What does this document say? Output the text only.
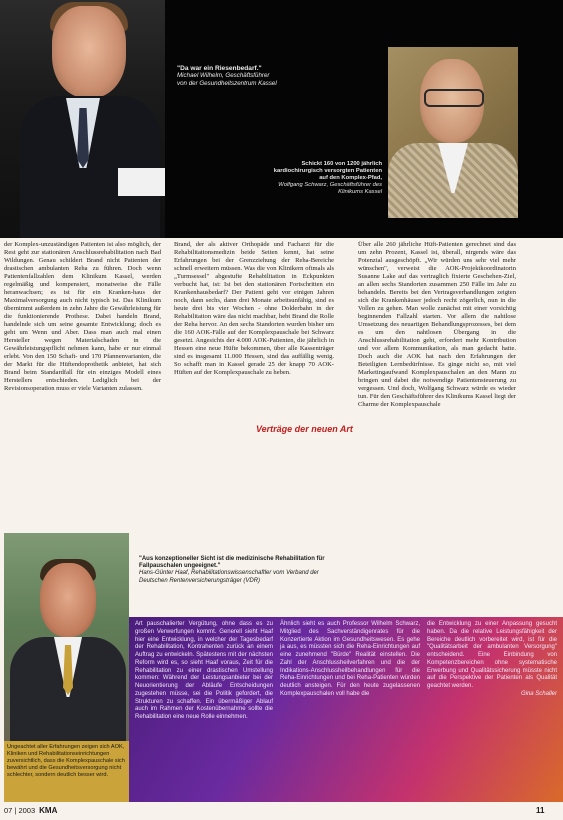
"Da war ein Riesenbedarf."

Michael Wilhelm, Geschäftsführer

von der Gesundheitszentrum Kassel

Schickt 160 von 1200 jährlich kardiochirurgisch versorgten Patienten auf den Komplex-Pfad,

Wolfgang Schwarz, Geschäftsführer des Klinikums Kassel

der Komplex-unzuständigen Patienten ist also möglich, der Rest geht zur stationären Anschlussrehabilitation nach Bad Wildungen. Genau schildert Brand nicht Patienten der drastischen ambulanten Reha zu führen. Doch wenn Patientenfallzahlen dem Klinikum Kassel, werden regelmäßig und kompensiert, monatweise die Fälle heranwachsen; es ist für ein Kranken-haus der Maximalversorgung auch nicht typisch ist. Das Klinikum übernimmt außerdem in zehn Jahre die Gewährleistung für die funktionierende Prothese. Dabei handeln Brand, handelnde sich um seine gesamte Entwicklung; doch es geht um Wenn und Aber. Dass man auch mal einen Hersteller wegen Materialschaden in die Gewährleistungspflicht nehmen kann, habe er nur einmal erlebt. Von den 150 Schaft- und 170 Pfannenvarianten, die der Markt für die Hüftendoprothetik anbietet, hat sich Brand beim Standardfall für ein einziges Modell eines Herstellers entschieden. Lediglich bei der Revisionsoperation muss er viele Varianten zulassen.
Brand, der als aktiver Orthopäde und Facharzt für die Rehabilitationsmedizin beide Seiten kennt, hat seine Erfahrungen bei der Grenzziehung der Reha-Bereiche schnell erweitern müssen. Was die von Klinikern oftmals als „Turmsessel" abgestufte Rehabilitation in Eckpunkten verbucht hat, ist: Ist bei den stationären Fortschritten ein Krankenhausbedarf? Der Patient geht vor einigen Jahren noch, dann sechs, dann drei Monate arbeitsunfähig, sind es heute drei bis vier Wochen - ohne Dolderbahn in der Rehabilitation wäre das nicht machbar, hebt Brand die Rolle der Reha hervor. An den sechs Standorten wurden bisher um die 160 AOK-Fälle auf der Komplexpauschale bei Schwarz gesetzt. Angesichts der 4.000 AOK-Patienten, die jährlich in Hessen eine neue Hüfte bekommen, über alle Kassenträger sind es insgesamt 11.000 Hessen, sind das auffällig wenig. So schafft man in Kassel gerade 25 der knapp 70 AOK-Hüften auf der Komplexpauschale zu heben.
Über alle 260 jährliche Hüft-Patienten gerechnet sind das um zehn Prozent, Kassel ist, überall, nirgends wäre das Potenzial ausgeschöpft. „Wir würden uns sehr viel mehr wünschen", verweist die AOK-Projektkoordinatorin Susanne Lake auf das vertraglich fixierte Geschehen-Ziel, an allen sechs Standorten zusammen 250 Fälle im Jahr zu behandeln. Bereits bei den Vertragsverhandlungen zeigten sich die Krankenhäuser jedoch recht zögerlich, nun in die Vollen zu gehen. Man wolle zunächst mit einer vorsichtig beginnenden Fallzahl starten. Vor allem die nahtlose Umsetzung des neuartigen Behandlungsprozesses, bei dem es um den nahtlosen Übergang in die Anschlussrehabilitation geht, erfordert mehr Kontribution und vor allem Kommunikation, als man gedacht hatte. Doch auch die AOK hat nach den Erfahrungen der Beteiligten Lernbedürfnisse. Es ginge nicht so, mit viel Marketingaufwand Komplexpauschalen an den Mann zu bringen und dabei die notwendige Patientensteuerung zu vergessen. Und doch, Wolfgang Schwarz würde es wieder tun. Für den Geschäftsführer des Klinikums Kassel liegt der Charme der Komplexpauschale
Verträge der neuen Art

"Aus konzeptioneller Sicht ist die medizinische Rehabilitation für Fallpauschalen ungeeignet."

Hans-Günter Haaf, Rehabilitationswissenschaftler vom Verband der Deutschen Rentenversicherungsträger (VDR)

Ungeachtet aller Erfahrungen zeigen sich AOK, Kliniken und Rehabilitationseinrichtungen zuversichtlich, dass die Komplexpauschale sich bewährt und die Gesundheitsversorgung nicht schlechter, sondern deutlich besser wird.

Art pauschalierter Vergütung, ohne dass es zu großen Verwerfungen kommt. Generell sieht Haaf hier eine Entwicklung, in welcher der Tagesbedarf der Rehabilitation, Kontrahenten zurück an einem Auftrag zu entwickeln. Spätestens mit der nächsten Reform wird es, so sieht Haaf voraus, Zeit für die Rehabilitation zu einer drastischen Umstellung kommen: Während der Leistungsanbieter bei der Neuorientierung der Abläufe Entscheidungen zugestehen müsse, sei die Politik gefordert, die Strukturen zu schaffen. Ein übermäßiger Ablauf auch im Rahmen der Kostenübernahme sollte die Rehabilitation eine neue Rolle einnehmen.
Ähnlich sieht es auch Professor Wilhelm Schwarz, Mitglied des Sachverständigenrates für die Konzertierte Aktion im Gesundheitswesen. Es gehe ja aus, es müssten sich die Reha-Einrichtungen auf eine zunehmend "Bürde" Realität einstellen. Die Zahl der Anschlussheilverfahren und die der Indikations-Anschlussheilbehandlungen für die Reha-Einrichtungen und bei Reha-Patienten würden deutlich ansteigen. Für den heute zugelassenen Komplexpauschalen voll habe die

die Entwicklung zu einer Anpassung gesucht haben. Da die relative Leistungsfähigkeit der Bereiche deutlich vorbereitet wird, ist für die "Qualitätsarbeit der ambulanten Versorgung" entscheidend. Eine Einbindung von Kompetenzbereichen ohne systematische Erwerbung und Qualitätssicherung müsste nicht auf die Perspektive der Patienten als Qualität geachtet werden.

Gina Schaller

07 | 2003 KMA	11
